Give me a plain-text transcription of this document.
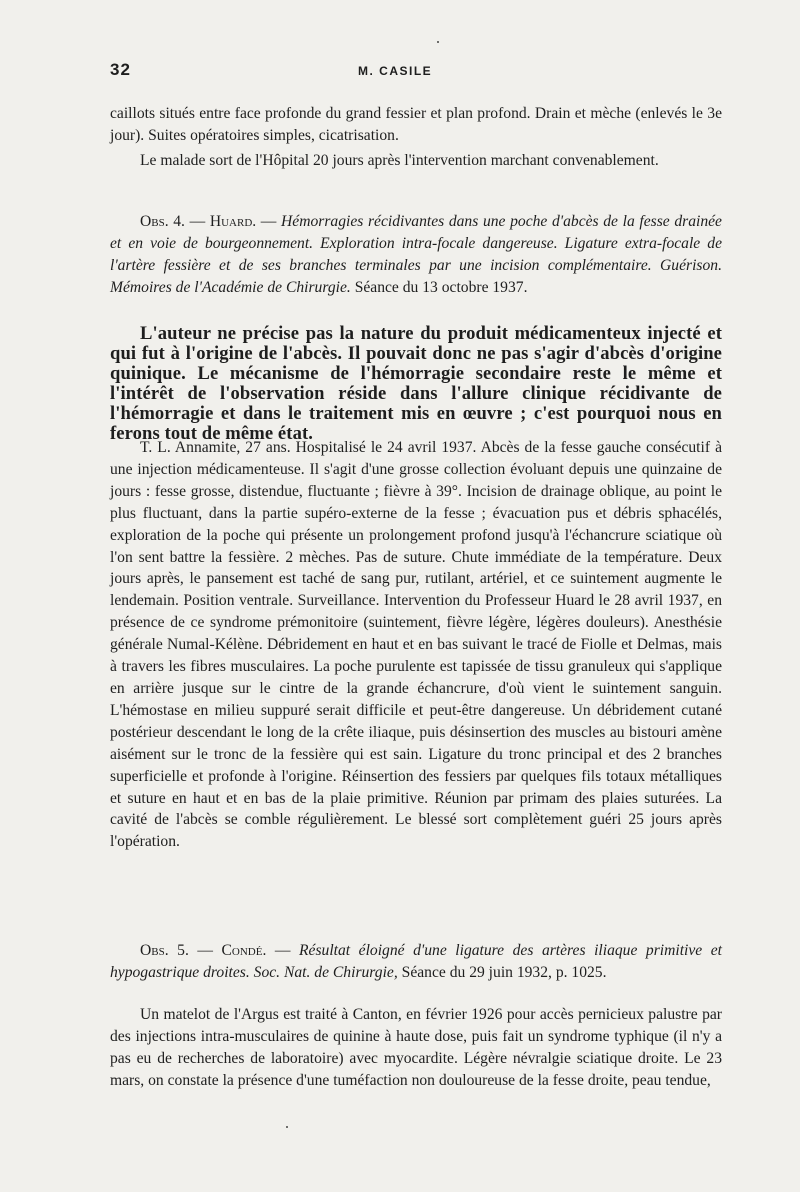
32	M. CASILE

caillots situés entre face profonde du grand fessier et plan profond. Drain et mèche (enlevés le 3e jour). Suites opératoires simples, cicatrisation.

Le malade sort de l'Hôpital 20 jours après l'intervention marchant convenablement.

Obs. 4. — Huard. — Hémorragies récidivantes dans une poche d'abcès de la fesse drainée et en voie de bourgeonnement. Exploration intra-focale dangereuse. Ligature extra-focale de l'artère fessière et de ses branches terminales par une incision complémentaire. Guérison. Mémoires de l'Académie de Chirurgie. Séance du 13 octobre 1937.

L'auteur ne précise pas la nature du produit médicamenteux injecté et qui fut à l'origine de l'abcès. Il pouvait donc ne pas s'agir d'abcès d'origine quinique. Le mécanisme de l'hémorragie secondaire reste le même et l'intérêt de l'observation réside dans l'allure clinique récidivante de l'hémorragie et dans le traitement mis en œuvre ; c'est pourquoi nous en ferons tout de même état.

T. L. Annamite, 27 ans. Hospitalisé le 24 avril 1937. Abcès de la fesse gauche consécutif à une injection médicamenteuse. Il s'agit d'une grosse collection évoluant depuis une quinzaine de jours : fesse grosse, distendue, fluctuante ; fièvre à 39°. Incision de drainage oblique, au point le plus fluctuant, dans la partie supéro-externe de la fesse ; évacuation pus et débris sphacélés, exploration de la poche qui présente un prolongement profond jusqu'à l'échancrure sciatique où l'on sent battre la fessière. 2 mèches. Pas de suture. Chute immédiate de la température. Deux jours après, le pansement est taché de sang pur, rutilant, artériel, et ce suintement augmente le lendemain. Position ventrale. Surveillance. Intervention du Professeur Huard le 28 avril 1937, en présence de ce syndrome prémonitoire (suintement, fièvre légère, légères douleurs). Anesthésie générale Numal-Kélène. Débridement en haut et en bas suivant le tracé de Fiolle et Delmas, mais à travers les fibres musculaires. La poche purulente est tapissée de tissu granuleux qui s'applique en arrière jusque sur le cintre de la grande échancrure, d'où vient le suintement sanguin. L'hémostase en milieu suppuré serait difficile et peut-être dangereuse. Un débridement cutané postérieur descendant le long de la crête iliaque, puis désinsertion des muscles au bistouri amène aisément sur le tronc de la fessière qui est sain. Ligature du tronc principal et des 2 branches superficielle et profonde à l'origine. Réinsertion des fessiers par quelques fils totaux métalliques et suture en haut et en bas de la plaie primitive. Réunion par primam des plaies suturées. La cavité de l'abcès se comble régulièrement. Le blessé sort complètement guéri 25 jours après l'opération.

Obs. 5. — Condé. — Résultat éloigné d'une ligature des artères iliaque primitive et hypogastrique droites. Soc. Nat. de Chirurgie, Séance du 29 juin 1932, p. 1025.

Un matelot de l'Argus est traité à Canton, en février 1926 pour accès pernicieux palustre par des injections intra-musculaires de quinine à haute dose, puis fait un syndrome typhique (il n'y a pas eu de recherches de laboratoire) avec myocardite. Légère névralgie sciatique droite. Le 23 mars, on constate la présence d'une tuméfaction non douloureuse de la fesse droite, peau tendue,
